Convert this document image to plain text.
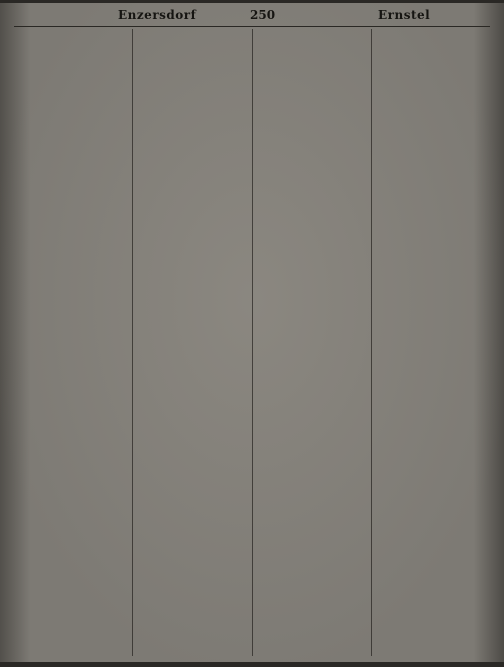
Enzersdorf	250	Ernstel
